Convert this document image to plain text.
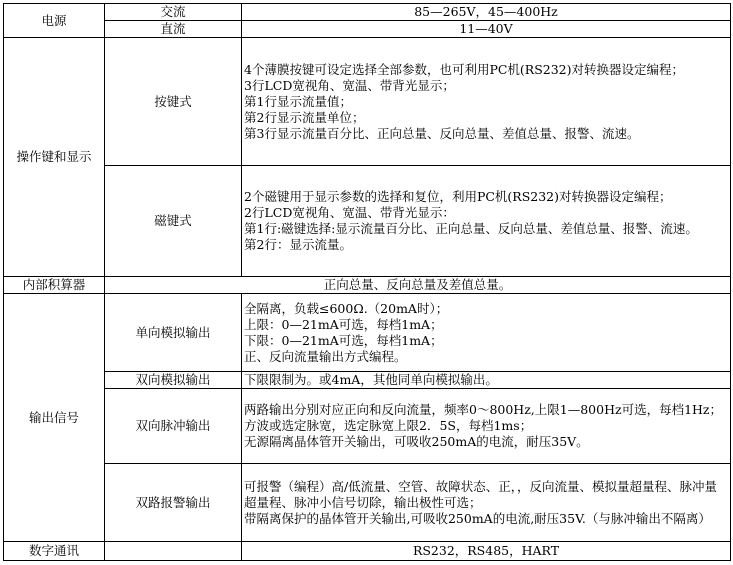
电源	交流	85—265V，45—400Hz
	直流	11—40V
操作键和显示	按键式	4个薄膜按键可设定选择全部参数，也可利用PC机(RS232)对转换器设定编程；
3行LCD宽视角、宽温、带背光显示；
第1行显示流量值；
第2行显示流量单位；
第3行显示流量百分比、正向总量、反向总量、差值总量、报警、流速。

	磁键式	2个磁键用于显示参数的选择和复位，利用PC机(RS232)对转换器设定编程；
2行LCD宽视角、宽温、带背光显示：
第1行:磁键选择:显示流量百分比、正向总量、反向总量、差值总量、报警、流速。
第2行：显示流量。

内部积算器	正向总量、反向总量及差值总量。	
输出信号	单向模拟输出	全隔离，负载≤600Ω.（20mA时）；
上限：0—21mA可选，每档1mA；
下限：0—21mA可选，每档1mA；
正、反向流量输出方式编程。

	双向模拟输出	下限限制为。或4mA，其他同单向模拟输出。
	双向脉冲输出	两路输出分别对应正向和反向流量，频率0～800Hz,上限1—800Hz可选，每档1Hz；
方波或选定脉宽，选定脉宽上限2．5S，每档1ms；
无源隔离晶体管开关输出，可吸收250mA的电流，耐压35V。

	双路报警输出	可报警（编程）高/低流量、空管、故障状态、正，，反向流量、模拟量超量程、脉冲量超量程、脉冲小信号切除，输出极性可选；
带隔离保护的晶体管开关输出,可吸收250mA的电流,耐压35V.（与脉冲输出不隔离）

数字通讯		RS232，RS485，HART
